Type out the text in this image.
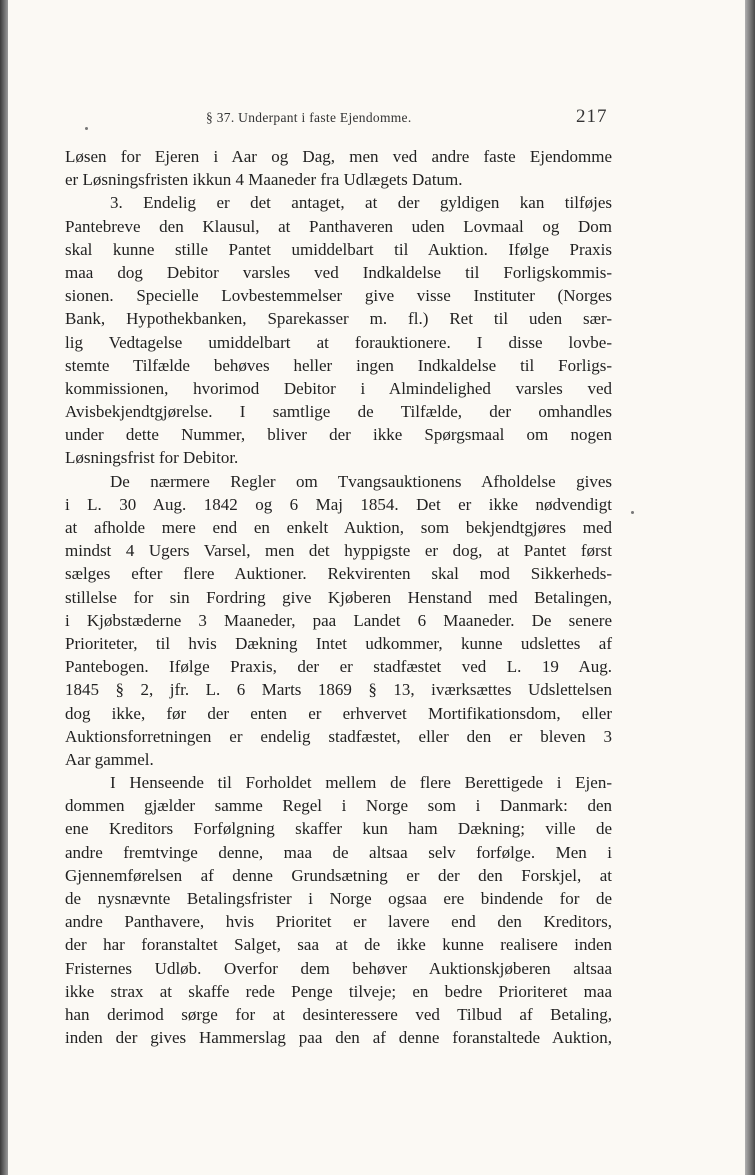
§ 37. Underpant i faste Ejendomme.	217
Løsen for Ejeren i Aar og Dag, men ved andre faste Ejendomme
er Løsningsfristen ikkun 4 Maaneder fra Udlægets Datum.
3. Endelig er det antaget, at der gyldigen kan tilføjes
Pantebreve den Klausul, at Panthaveren uden Lovmaal og Dom
skal kunne stille Pantet umiddelbart til Auktion. Ifølge Praxis
maa dog Debitor varsles ved Indkaldelse til Forligskommis-
sionen. Specielle Lovbestemmelser give visse Instituter (Norges
Bank, Hypothekbanken, Sparekasser m. fl.) Ret til uden sær-
lig Vedtagelse umiddelbart at forauktionere. I disse lovbe-
stemte Tilfælde behøves heller ingen Indkaldelse til Forligs-
kommissionen, hvorimod Debitor i Almindelighed varsles ved
Avisbekjendtgjørelse. I samtlige de Tilfælde, der omhandles
under dette Nummer, bliver der ikke Spørgsmaal om nogen
Løsningsfrist for Debitor.
De nærmere Regler om Tvangsauktionens Afholdelse gives
i L. 30 Aug. 1842 og 6 Maj 1854. Det er ikke nødvendigt
at afholde mere end en enkelt Auktion, som bekjendtgjøres med
mindst 4 Ugers Varsel, men det hyppigste er dog, at Pantet først
sælges efter flere Auktioner. Rekvirenten skal mod Sikkerheds-
stillelse for sin Fordring give Kjøberen Henstand med Betalingen,
i Kjøbstæderne 3 Maaneder, paa Landet 6 Maaneder. De senere
Prioriteter, til hvis Dækning Intet udkommer, kunne udslettes af
Pantebogen. Ifølge Praxis, der er stadfæstet ved L. 19 Aug.
1845 § 2, jfr. L. 6 Marts 1869 § 13, iværksættes Udslettelsen
dog ikke, før der enten er erhvervet Mortifikationsdom, eller
Auktionsforretningen er endelig stadfæstet, eller den er bleven 3
Aar gammel.
I Henseende til Forholdet mellem de flere Berettigede i Ejen-
dommen gjælder samme Regel i Norge som i Danmark: den
ene Kreditors Forfølgning skaffer kun ham Dækning; ville de
andre fremtvinge denne, maa de altsaa selv forfølge. Men i
Gjennemførelsen af denne Grundsætning er der den Forskjel, at
de nysnævnte Betalingsfrister i Norge ogsaa ere bindende for de
andre Panthavere, hvis Prioritet er lavere end den Kreditors,
der har foranstaltet Salget, saa at de ikke kunne realisere inden
Fristernes Udløb. Overfor dem behøver Auktionskjøberen altsaa
ikke strax at skaffe rede Penge tilveje; en bedre Prioriteret maa
han derimod sørge for at desinteressere ved Tilbud af Betaling,
inden der gives Hammerslag paa den af denne foranstaltede Auktion,
